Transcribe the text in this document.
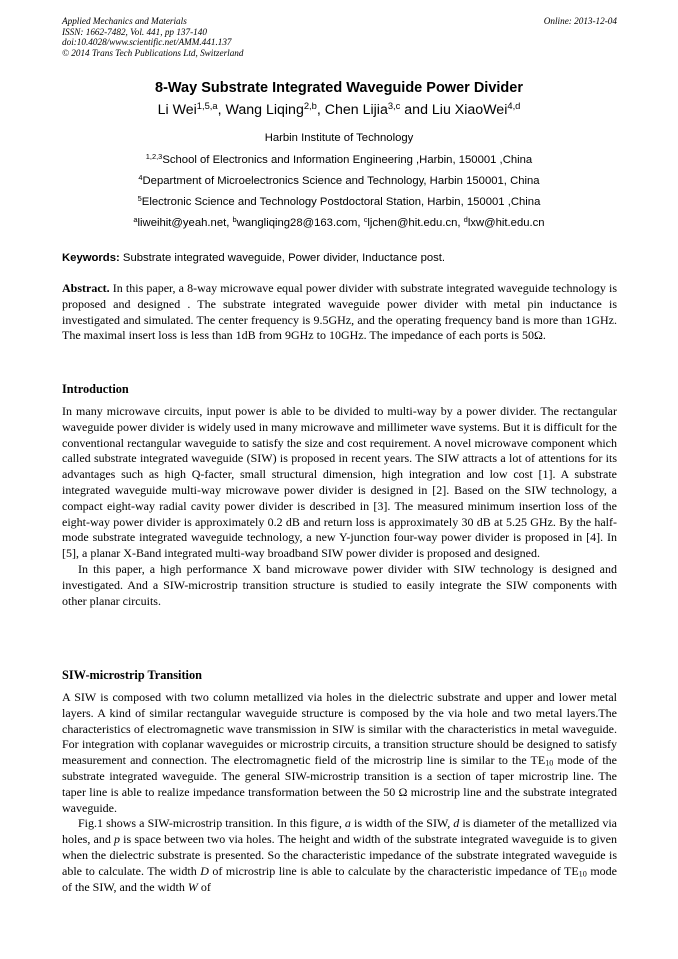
Applied Mechanics and Materials
ISSN: 1662-7482, Vol. 441, pp 137-140
doi:10.4028/www.scientific.net/AMM.441.137
© 2014 Trans Tech Publications Ltd, Switzerland
Online: 2013-12-04
8-Way Substrate Integrated Waveguide Power Divider
Li Wei$^{1,5,a}$, Wang Liqing$^{2,b}$, Chen Lijia$^{3,c}$ and Liu XiaoWei$^{4,d}$
Harbin Institute of Technology
$^{1,2,3}$School of Electronics and Information Engineering ,Harbin, 150001 ,China
$^4$Department of Microelectronics Science and Technology, Harbin 150001, China
$^5$Electronic Science and Technology Postdoctoral Station, Harbin, 150001 ,China
$^a$liweihit@yeah.net, $^b$wangliqing28@163.com, $^c$ljchen@hit.edu.cn, $^d$lxw@hit.edu.cn
Keywords: Substrate integrated waveguide, Power divider, Inductance post.

Abstract. In this paper, a 8-way microwave equal power divider with substrate integrated waveguide technology is proposed and designed . The substrate integrated waveguide power divider with metal pin inductance is investigated and simulated. The center frequency is 9.5GHz, and the operating frequency band is more than 1GHz. The maximal insert loss is less than 1dB from 9GHz to 10GHz. The impedance of each ports is 50Ω.

Introduction

In many microwave circuits, input power is able to be divided to multi-way by a power divider. The rectangular waveguide power divider is widely used in many microwave and millimeter wave systems. But it is difficult for the conventional rectangular waveguide to satisfy the size and cost requirement. A novel microwave component which called substrate integrated waveguide (SIW) is proposed in recent years. The SIW attracts a lot of attentions for its advantages such as high Q-facter, small structural dimension, high integration and low cost [1]. A substrate integrated waveguide multi-way microwave power divider is designed in [2]. Based on the SIW technology, a compact eight-way radial cavity power divider is described in [3]. The measured minimum insertion loss of the eight-way power divider is approximately 0.2 dB and return loss is approximately 30 dB at 5.25 GHz. By the half-mode substrate integrated waveguide technology, a new Y-junction four-way power divider is proposed in [4]. In [5], a planar X-Band integrated multi-way broadband SIW power divider is proposed and designed.

In this paper, a high performance X band microwave power divider with SIW technology is designed and investigated. And a SIW-microstrip transition structure is studied to easily integrate the SIW components with other planar circuits.

SIW-microstrip Transition

A SIW is composed with two column metallized via holes in the dielectric substrate and upper and lower metal layers. A kind of similar rectangular waveguide structure is composed by the via hole and two metal layers.The characteristics of electromagnetic wave transmission in SIW is similar with the characteristics in metal waveguide. For integration with coplanar waveguides or microstrip circuits, a transition structure should be designed to satisfy measurement and connection. The electromagnetic field of the microstrip line is similar to the $TE_{10}$ mode of the substrate integrated waveguide. The general SIW-microstrip transition is a section of taper microstrip line. The taper line is able to realize impedance transformation between the 50 Ω microstrip line and the substrate integrated waveguide.

Fig.1 shows a SIW-microstrip transition. In this figure, a is width of the SIW, d is diameter of the metallized via holes, and p is space between two via holes. The height and width of the substrate integrated waveguide is to given when the dielectric substrate is presented. So the characteristic impedance of the substrate integrated waveguide is able to calculate. The width D of microstrip line is able to calculate by the characteristic impedance of $TE_{10}$ mode of the SIW, and the width W of
